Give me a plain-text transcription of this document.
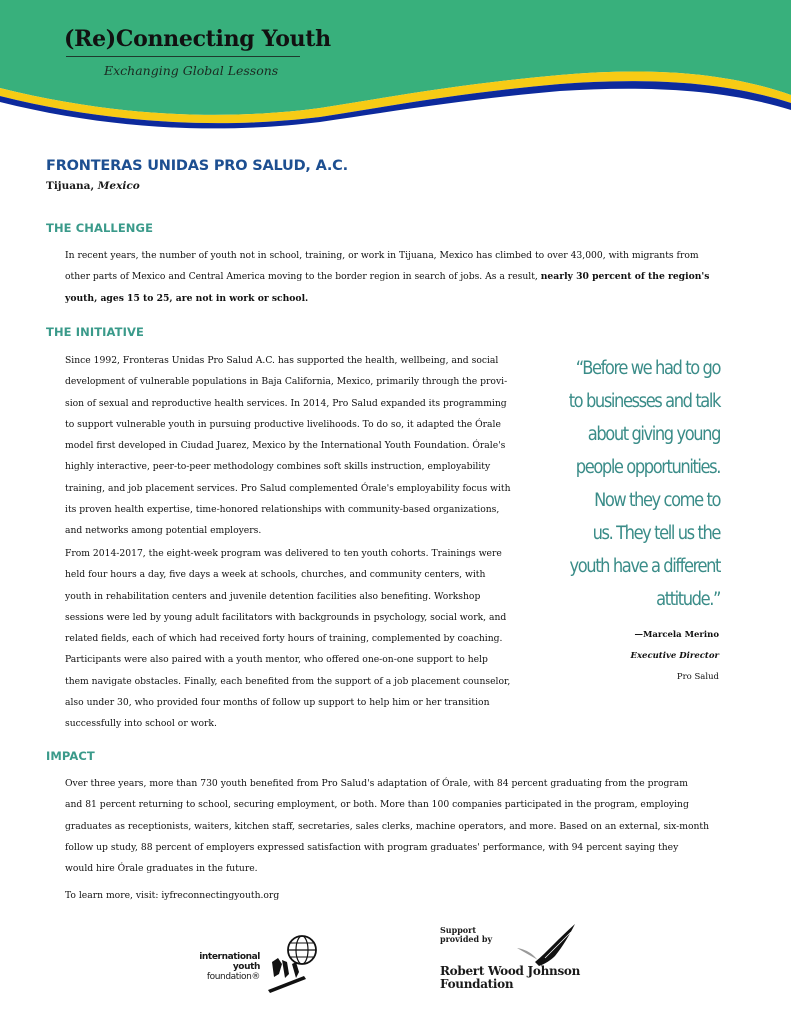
(Re)Connecting Youth
Exchanging Global Lessons
FRONTERAS UNIDAS PRO SALUD, A.C.
Tijuana, Mexico
THE CHALLENGE
In recent years, the number of youth not in school, training, or work in Tijuana, Mexico has climbed to over 43,000, with migrants from
other parts of Mexico and Central America moving to the border region in search of jobs. As a result, nearly 30 percent of the region's
youth, ages 15 to 25, are not in work or school.
THE INITIATIVE
Since 1992, Fronteras Unidas Pro Salud A.C. has supported the health, wellbeing, and social
development of vulnerable populations in Baja California, Mexico, primarily through the provi-
sion of sexual and reproductive health services. In 2014, Pro Salud expanded its programming
to support vulnerable youth in pursuing productive livelihoods. To do so, it adapted the Órale
model first developed in Ciudad Juarez, Mexico by the International Youth Foundation. Órale's
highly interactive, peer-to-peer methodology combines soft skills instruction, employability
training, and job placement services. Pro Salud complemented Órale's employability focus with
its proven health expertise, time-honored relationships with community-based organizations,
and networks among potential employers.
From 2014-2017, the eight-week program was delivered to ten youth cohorts. Trainings were
held four hours a day, five days a week at schools, churches, and community centers, with
youth in rehabilitation centers and juvenile detention facilities also benefiting. Workshop
sessions were led by young adult facilitators with backgrounds in psychology, social work, and
related fields, each of which had received forty hours of training, complemented by coaching.
Participants were also paired with a youth mentor, who offered one-on-one support to help
them navigate obstacles. Finally, each benefited from the support of a job placement counselor,
also under 30, who provided four months of follow up support to help him or her transition
successfully into school or work.
“Before we had to go
to businesses and talk
about giving young
people opportunities.
Now they come to
us. They tell us the
youth have a different
attitude.”
—Marcela Merino
Executive Director
Pro Salud
IMPACT
Over three years, more than 730 youth benefited from Pro Salud's adaptation of Órale, with 84 percent graduating from the program
and 81 percent returning to school, securing employment, or both. More than 100 companies participated in the program, employing
graduates as receptionists, waiters, kitchen staff, secretaries, sales clerks, machine operators, and more. Based on an external, six-month
follow up study, 88 percent of employers expressed satisfaction with program graduates' performance, with 94 percent saying they
would hire Órale graduates in the future.
To learn more, visit: iyfreconnectingyouth.org
international
youth
foundation®
Support
provided by
Robert Wood Johnson
Foundation
